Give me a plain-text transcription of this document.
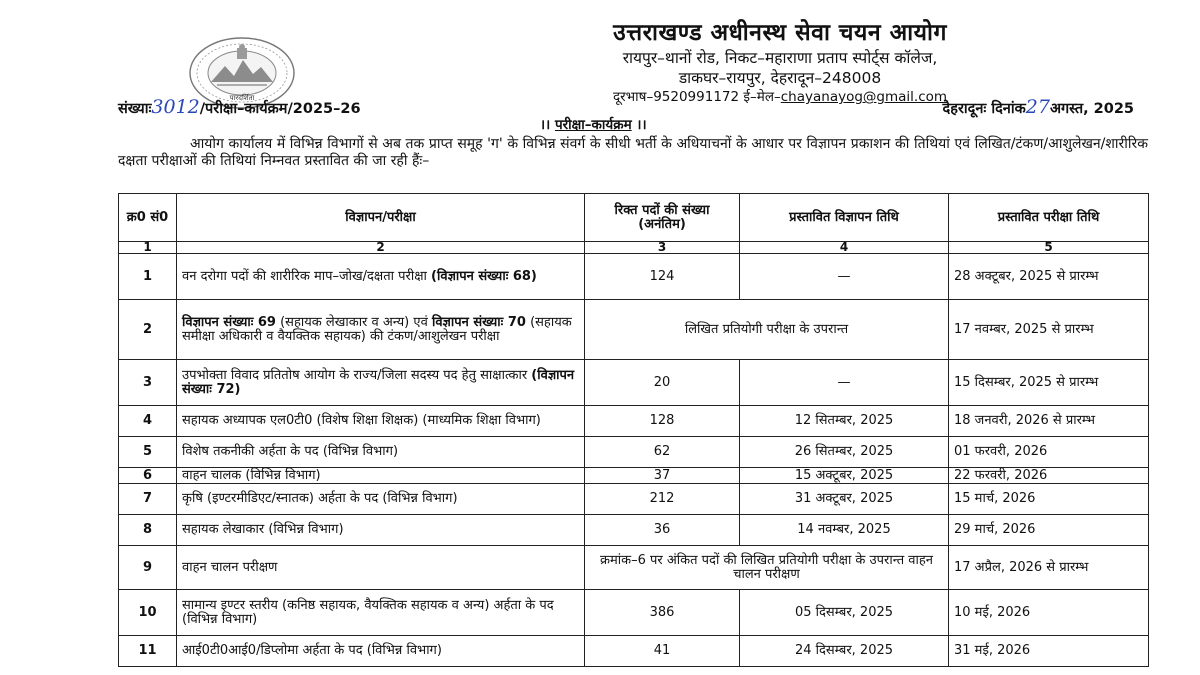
पारदर्शिता
उत्तराखण्ड अधीनस्थ सेवा चयन आयोग
रायपुर–थानों रोड, निकट–महाराणा प्रताप स्पोर्ट्स कॉलेज,
डाकघर–रायपुर, देहरादून–248008
दूरभाष–9520991172 ई–मेल–chayanayog@gmail.com
संख्याः3012/परीक्षा–कार्यक्रम/2025–26	देहरादूनः दिनांक27अगस्त, 2025
।। परीक्षा–कार्यक्रम ।।
आयोग कार्यालय में विभिन्न विभागों से अब तक प्राप्त समूह 'ग' के विभिन्न संवर्ग के सीधी भर्ती के अधियाचनों के आधार पर विज्ञापन प्रकाशन की तिथियां एवं लिखित/टंकण/आशुलेखन/शारीरिक दक्षता परीक्षाओं की तिथियां निम्नवत प्रस्तावित की जा रही हैंः–
क्र0 सं0	विज्ञापन/परीक्षा	रिक्त पदों की संख्या (अनंतिम)	प्रस्तावित विज्ञापन तिथि	प्रस्तावित परीक्षा तिथि
1	2	3	4	5
1	वन दरोगा पदों की शारीरिक माप–जोख/दक्षता परीक्षा (विज्ञापन संख्याः 68)	124	—	28 अक्टूबर, 2025 से प्रारम्भ
2	विज्ञापन संख्याः 69 (सहायक लेखाकार व अन्य) एवं विज्ञापन संख्याः 70 (सहायक समीक्षा अधिकारी व वैयक्तिक सहायक) की टंकण/आशुलेखन परीक्षा	लिखित प्रतियोगी परीक्षा के उपरान्त		17 नवम्बर, 2025 से प्रारम्भ
3	उपभोक्ता विवाद प्रतितोष आयोग के राज्य/जिला सदस्य पद हेतु साक्षात्कार (विज्ञापन संख्याः 72)	20	—	15 दिसम्बर, 2025 से प्रारम्भ
4	सहायक अध्यापक एल0टी0 (विशेष शिक्षा शिक्षक) (माध्यमिक शिक्षा विभाग)	128	12 सितम्बर, 2025	18 जनवरी, 2026 से प्रारम्भ
5	विशेष तकनीकी अर्हता के पद (विभिन्न विभाग)	62	26 सितम्बर, 2025	01 फरवरी, 2026
6	वाहन चालक (विभिन्न विभाग)	37	15 अक्टूबर, 2025	22 फरवरी, 2026
7	कृषि (इण्टरमीडिएट/स्नातक) अर्हता के पद (विभिन्न विभाग)	212	31 अक्टूबर, 2025	15 मार्च, 2026
8	सहायक लेखाकार (विभिन्न विभाग)	36	14 नवम्बर, 2025	29 मार्च, 2026
9	वाहन चालन परीक्षण	क्रमांक–6 पर अंकित पदों की लिखित प्रतियोगी परीक्षा के उपरान्त वाहन चालन परीक्षण		17 अप्रैल, 2026 से प्रारम्भ
10	सामान्य इण्टर स्तरीय (कनिष्ठ सहायक, वैयक्तिक सहायक व अन्य) अर्हता के पद (विभिन्न विभाग)	386	05 दिसम्बर, 2025	10 मई, 2026
11	आई0टी0आई0/डिप्लोमा अर्हता के पद (विभिन्न विभाग)	41	24 दिसम्बर, 2025	31 मई, 2026
